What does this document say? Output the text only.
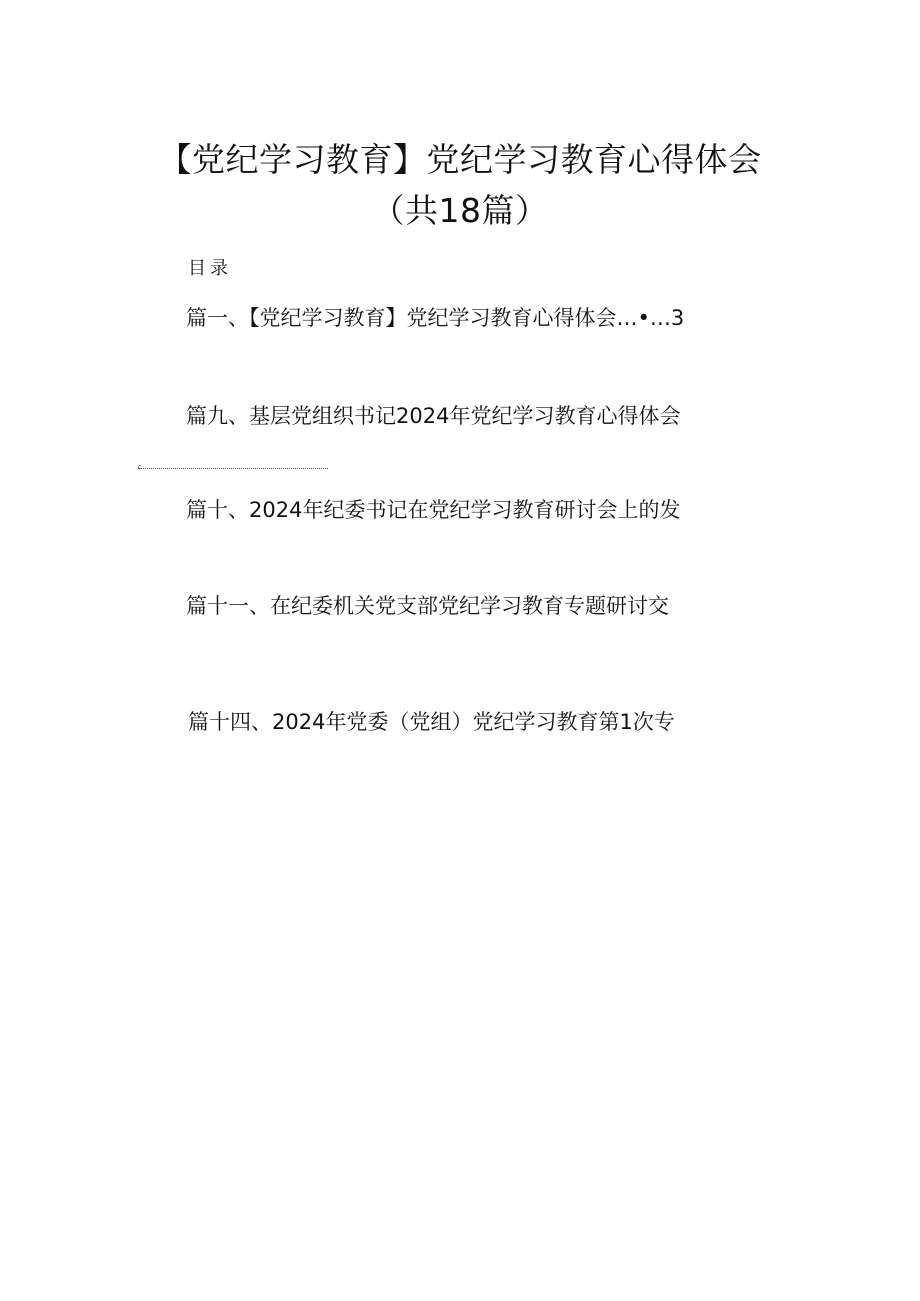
【党纪学习教育】党纪学习教育心得体会
（共18篇）
目录
篇一、【党纪学习教育】党纪学习教育心得体会…•…3
篇九、基层党组织书记2024年党纪学习教育心得体会
c
篇十、2024年纪委书记在党纪学习教育研讨会上的发
篇十一、在纪委机关党支部党纪学习教育专题研讨交
篇十四、2024年党委（党组）党纪学习教育第1次专
